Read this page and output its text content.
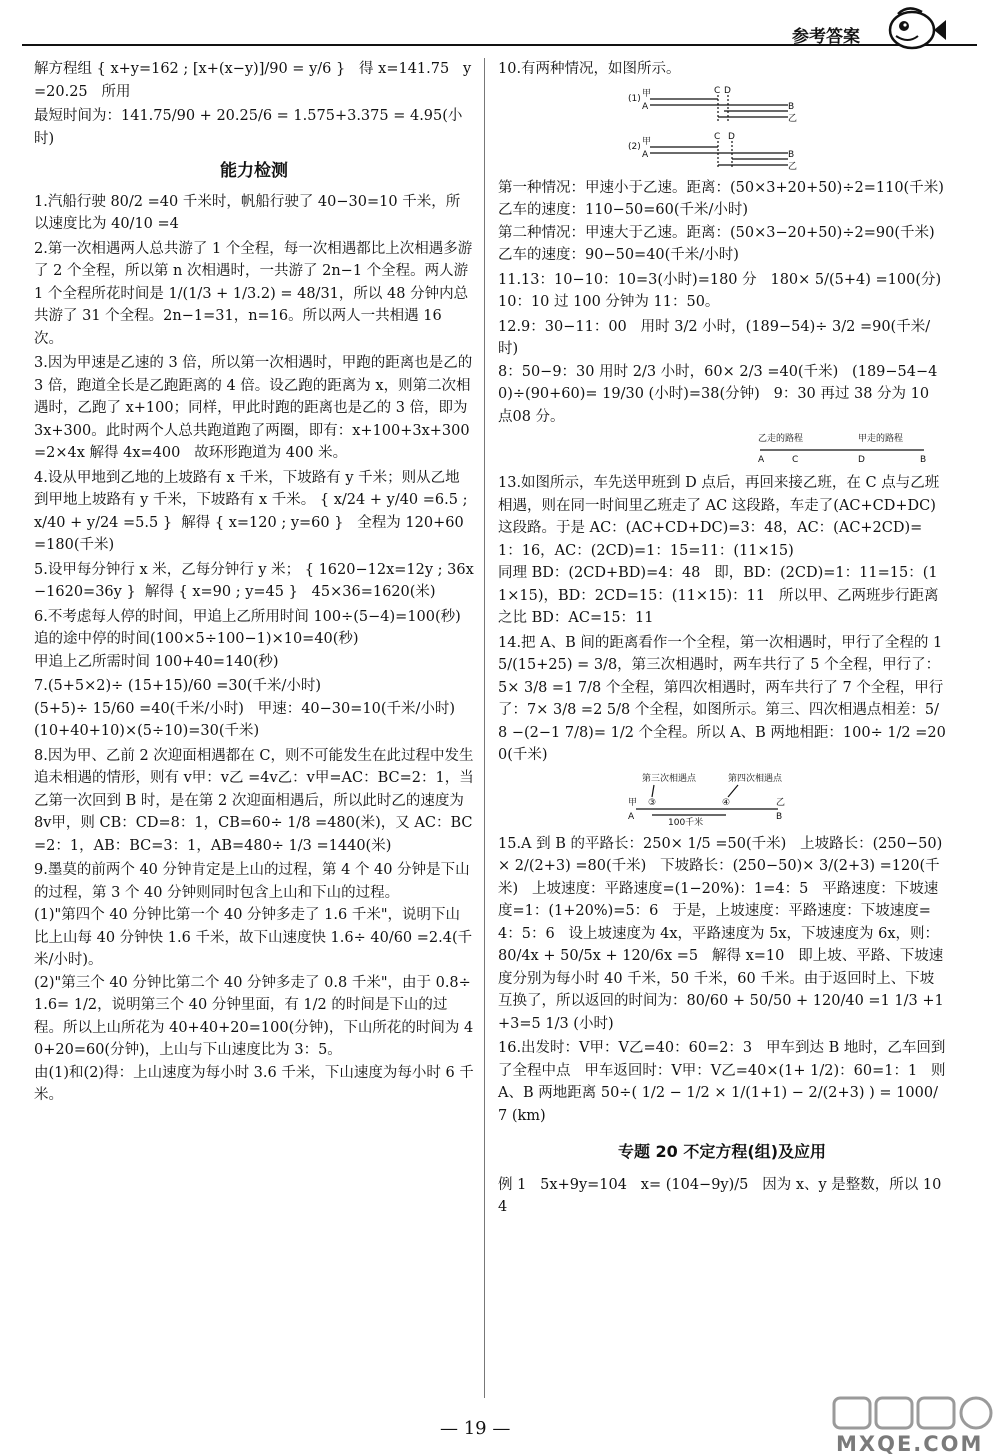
参考答案

解方程组 { x+y=162 ; [x+(x−y)]/90 = y/6 }   得 x=141.75   y=20.25   所用

最短时间为：141.75/90 + 20.25/6 = 1.575+3.375 = 4.95(小时)

能力检测

1.汽船行驶 80/2 =40 千米时，帆船行驶了 40−30=10 千米，所以速度比为 40/10 =4

2.第一次相遇两人总共游了 1 个全程，每一次相遇都比上次相遇多游了 2 个全程，所以第 n 次相遇时，一共游了 2n−1 个全程。两人游 1 个全程所花时间是 1/(1/3 + 1/3.2) = 48/31，所以 48 分钟内总共游了 31 个全程。2n−1=31，n=16。所以两人一共相遇 16 次。

3.因为甲速是乙速的 3 倍，所以第一次相遇时，甲跑的距离也是乙的 3 倍，跑道全长是乙跑距离的 4 倍。设乙跑的距离为 x，则第二次相遇时，乙跑了 x+100；同样，甲此时跑的距离也是乙的 3 倍，即为 3x+300。此时两个人总共跑道跑了两圈，即有：x+100+3x+300=2×4x 解得 4x=400   故环形跑道为 400 米。

4.设从甲地到乙地的上坡路有 x 千米，下坡路有 y 千米；则从乙地到甲地上坡路有 y 千米，下坡路有 x 千米。 { x/24 + y/40 =6.5 ; x/40 + y/24 =5.5 }  解得 { x=120 ; y=60 }   全程为 120+60=180(千米)

5.设甲每分钟行 x 米，乙每分钟行 y 米； { 1620−12x=12y ; 36x−1620=36y }  解得 { x=90 ; y=45 }   45×36=1620(米)

6.不考虑每人停的时间，甲追上乙所用时间 100÷(5−4)=100(秒)
追的途中停的时间(100×5÷100−1)×10=40(秒)
甲追上乙所需时间 100+40=140(秒)

7.(5+5×2)÷ (15+15)/60 =30(千米/小时)
(5+5)÷ 15/60 =40(千米/小时)   甲速：40−30=10(千米/小时)   (10+40+10)×(5÷10)=30(千米)

8.因为甲、乙前 2 次迎面相遇都在 C，则不可能发生在此过程中发生追未相遇的情形，则有 v甲：v乙 =4v乙：v甲=AC：BC=2：1，当乙第一次回到 B 时，是在第 2 次迎面相遇后，所以此时乙的速度为 8v甲，则 CB：CD=8：1，CB=60÷ 1/8 =480(米)，又 AC：BC=2：1，AB：BC=3：1，AB=480÷ 1/3 =1440(米)

9.墨莫的前两个 40 分钟肯定是上山的过程，第 4 个 40 分钟是下山的过程，第 3 个 40 分钟则同时包含上山和下山的过程。
(1)"第四个 40 分钟比第一个 40 分钟多走了 1.6 千米"，说明下山比上山每 40 分钟快 1.6 千米，故下山速度快 1.6÷ 40/60 =2.4(千米/小时)。
(2)"第三个 40 分钟比第二个 40 分钟多走了 0.8 千米"，由于 0.8÷1.6= 1/2，说明第三个 40 分钟里面，有 1/2 的时间是下山的过程。所以上山所花为 40+40+20=100(分钟)，下山所花的时间为 40+20=60(分钟)，上山与下山速度比为 3：5。
由(1)和(2)得：上山速度为每小时 3.6 千米，下山速度为每小时 6 千米。

10.有两种情况，如图所示。

(1) 甲
A
C D
B
乙
(2) 甲
A
C D
B
乙

第一种情况：甲速小于乙速。距离：(50×3+20+50)÷2=110(千米)   乙车的速度：110−50=60(千米/小时)
第二种情况：甲速大于乙速。距离：(50×3−20+50)÷2=90(千米)   乙车的速度：90−50=40(千米/小时)

11.13：10−10：10=3(小时)=180 分   180× 5/(5+4) =100(分)
10：10 过 100 分钟为 11：50。

12.9：30−11：00   用时 3/2 小时，(189−54)÷ 3/2 =90(千米/时)
8：50−9：30 用时 2/3 小时，60× 2/3 =40(千米)   (189−54−40)÷(90+60)= 19/30 (小时)=38(分钟)   9：30 再过 38 分为 10 点08 分。

乙走的路程	甲走的路程
A	C	D	B

13.如图所示，车先送甲班到 D 点后，再回来接乙班，在 C 点与乙班相遇，则在同一时间里乙班走了 AC 这段路，车走了(AC+CD+DC)这段路。于是 AC：(AC+CD+DC)=3：48，AC：(AC+2CD)=1：16，AC：(2CD)=1：15=11：(11×15)
同理 BD：(2CD+BD)=4：48   即，BD：(2CD)=1：11=15：(11×15)，BD：2CD=15：(11×15)：11   所以甲、乙两班步行距离之比 BD：AC=15：11

14.把 A、B 间的距离看作一个全程，第一次相遇时，甲行了全程的 15/(15+25) = 3/8，第三次相遇时，两车共行了 5 个全程，甲行了：5× 3/8 =1 7/8 个全程，第四次相遇时，两车共行了 7 个全程，甲行了：7× 3/8 =2 5/8 个全程，如图所示。第三、四次相遇点相差：5/8 −(2−1 7/8)= 1/2 个全程。所以 A、B 两地相距：100÷ 1/2 =200(千米)

第三次相遇点	第四次相遇点
甲
A
乙
B
③	④
100千米

15.A 到 B 的平路长：250× 1/5 =50(千米)   上坡路长：(250−50)× 2/(2+3) =80(千米)   下坡路长：(250−50)× 3/(2+3) =120(千米)   上坡速度：平路速度=(1−20%)：1=4：5   平路速度：下坡速度=1：(1+20%)=5：6   于是，上坡速度：平路速度：下坡速度=4：5：6   设上坡速度为 4x，平路速度为 5x，下坡速度为 6x，则：80/4x + 50/5x + 120/6x =5   解得 x=10   即上坡、平路、下坡速度分别为每小时 40 千米，50 千米，60 千米。由于返回时上、下坡互换了，所以返回的时间为：80/60 + 50/50 + 120/40 =1 1/3 +1+3=5 1/3 (小时)

16.出发时：V甲：V乙=40：60=2：3   甲车到达 B 地时，乙车回到了全程中点   甲车返回时：V甲：V乙=40×(1+ 1/2)：60=1：1   则 A、B 两地距离 50÷( 1/2 − 1/2 × 1/(1+1) − 2/(2+3) ) = 1000/7 (km)

专题 20 不定方程(组)及应用

例 1   5x+9y=104   x= (104−9y)/5   因为 x、y 是整数，所以 104

— 19 —
MXQE.COM
